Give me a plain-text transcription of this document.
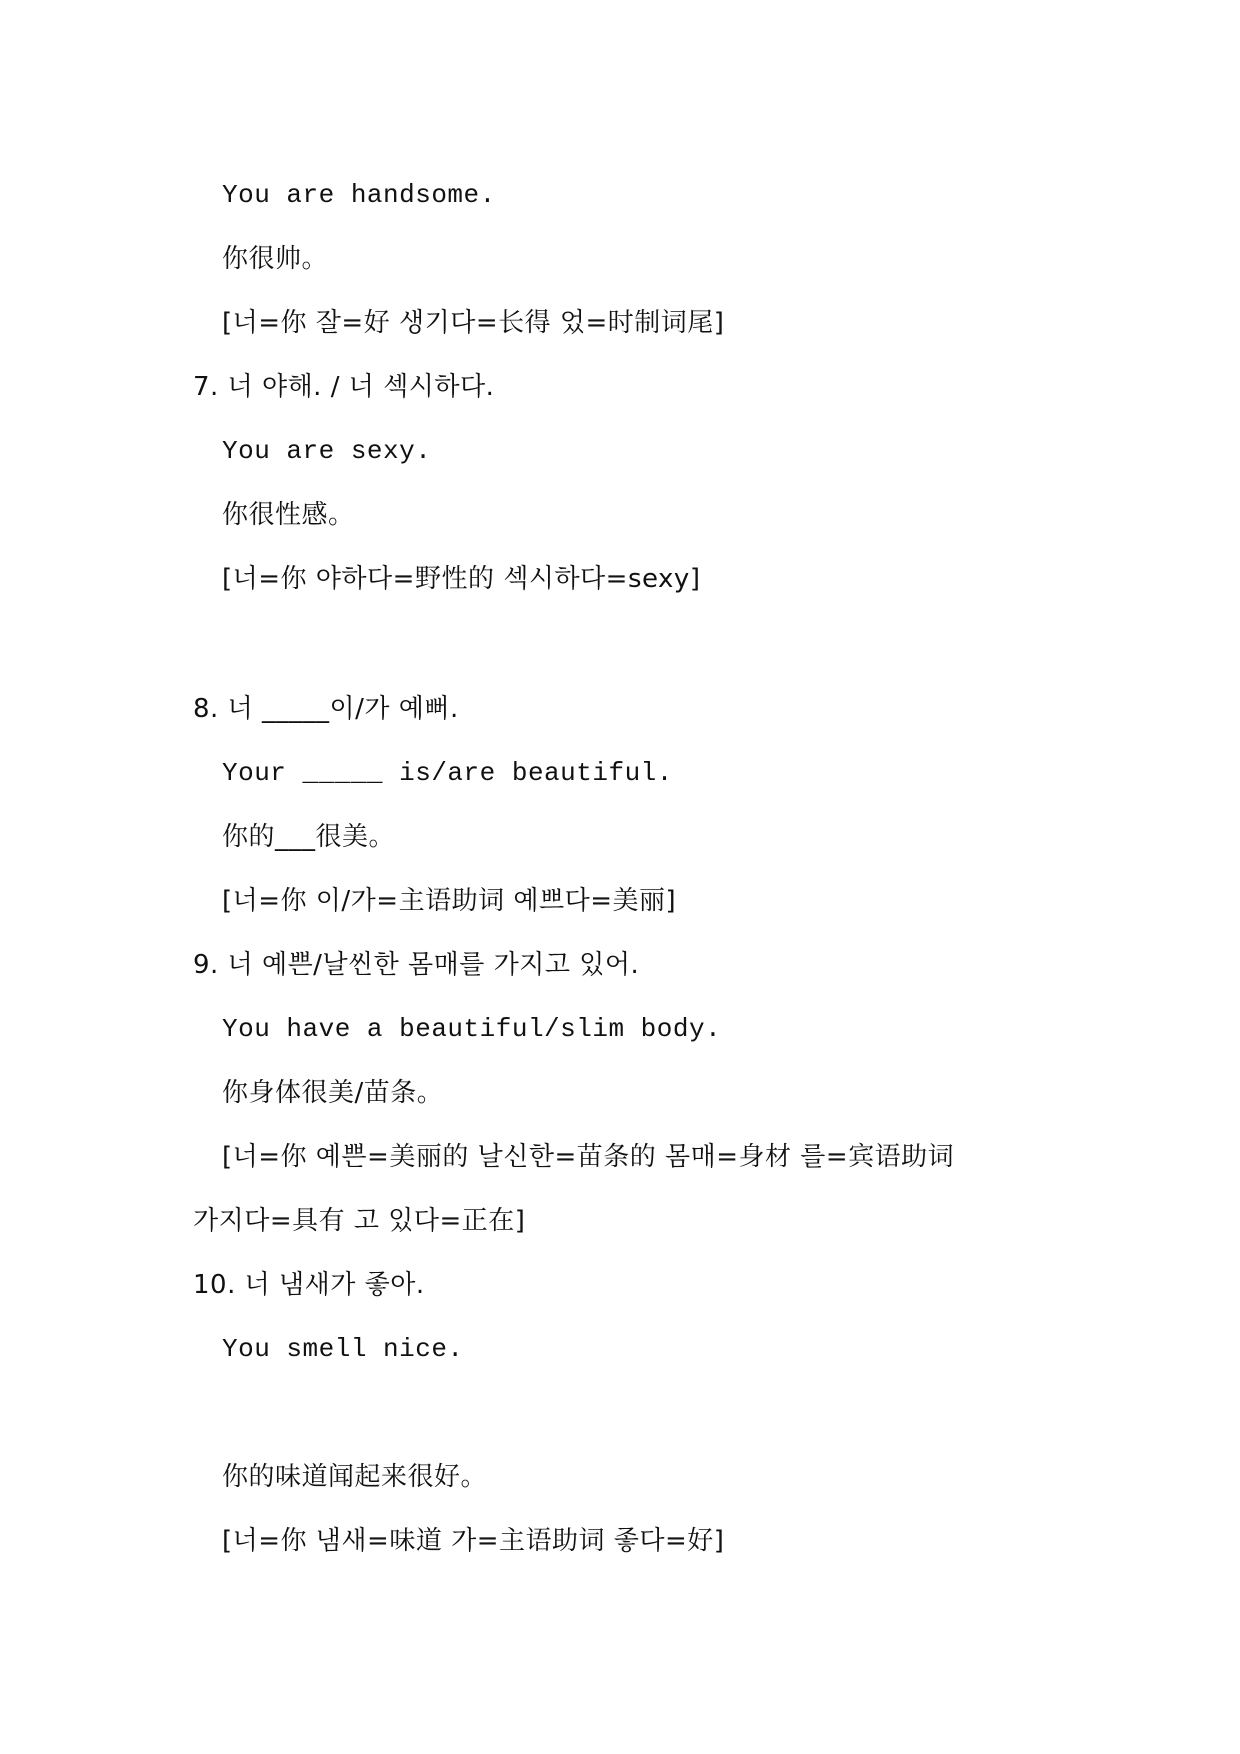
You are handsome.
你很帅。
[너=你 잘=好 생기다=长得 었=时制词尾]
7. 너 야해. / 너 섹시하다.
You are sexy.
你很性感。
[너=你 야하다=野性的 섹시하다=sexy]
8. 너 _____이/가 예뻐.
Your _____ is/are beautiful.
你的___很美。
[너=你 이/가=主语助词 예쁘다=美丽]
9. 너 예쁜/날씬한 몸매를 가지고 있어.
You have a beautiful/slim body.
你身体很美/苗条。
[너=你 예쁜=美丽的 날신한=苗条的 몸매=身材 를=宾语助词
가지다=具有 고 있다=正在]
10. 너 냄새가 좋아.
You smell nice.
你的味道闻起来很好。
[너=你 냄새=味道 가=主语助词 좋다=好]
